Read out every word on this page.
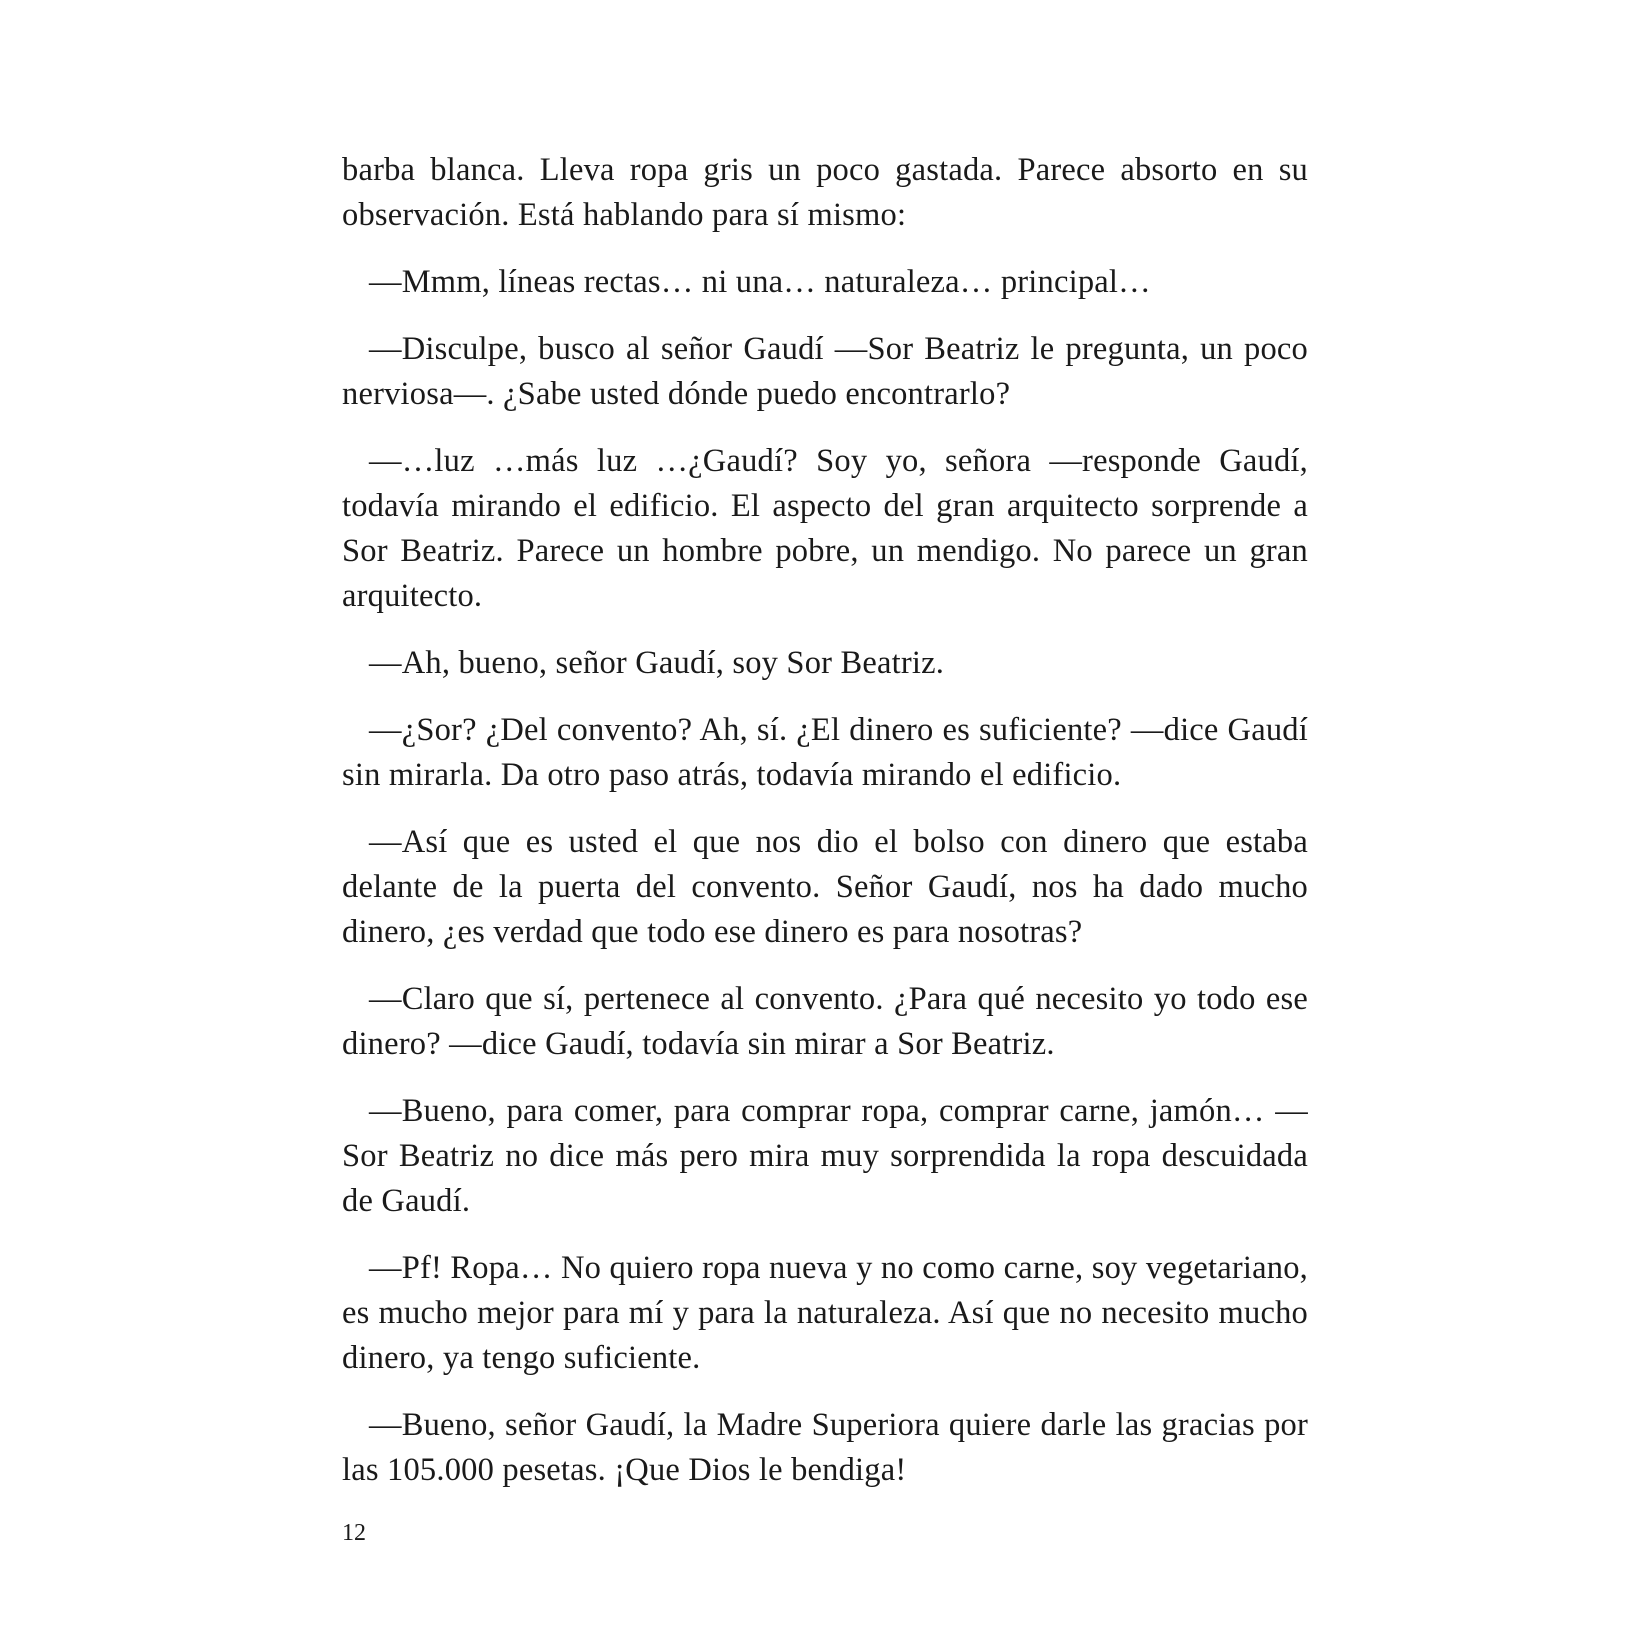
barba blanca. Lleva ropa gris un poco gastada. Parece absorto en su observación. Está hablando para sí mismo:

—Mmm, líneas rectas… ni una… naturaleza… principal…

—Disculpe, busco al señor Gaudí —Sor Beatriz le pregunta, un poco nerviosa—. ¿Sabe usted dónde puedo encontrarlo?

—…luz …más luz …¿Gaudí? Soy yo, señora —responde Gaudí, todavía mirando el edificio. El aspecto del gran arquitecto sorprende a Sor Beatriz. Parece un hombre pobre, un mendigo. No parece un gran arquitecto.

—Ah, bueno, señor Gaudí, soy Sor Beatriz.

—¿Sor? ¿Del convento? Ah, sí. ¿El dinero es suficiente? —dice Gaudí sin mirarla. Da otro paso atrás, todavía mirando el edificio.

—Así que es usted el que nos dio el bolso con dinero que estaba delante de la puerta del convento. Señor Gaudí, nos ha dado mucho dinero, ¿es verdad que todo ese dinero es para nosotras?

—Claro que sí, pertenece al convento. ¿Para qué necesito yo todo ese dinero? —dice Gaudí, todavía sin mirar a Sor Beatriz.

—Bueno, para comer, para comprar ropa, comprar carne, jamón… —Sor Beatriz no dice más pero mira muy sorprendida la ropa descuidada de Gaudí.

—Pf! Ropa… No quiero ropa nueva y no como carne, soy vegetariano, es mucho mejor para mí y para la naturaleza. Así que no necesito mucho dinero, ya tengo suficiente.

—Bueno, señor Gaudí, la Madre Superiora quiere darle las gracias por las 105.000 pesetas. ¡Que Dios le bendiga!

12
